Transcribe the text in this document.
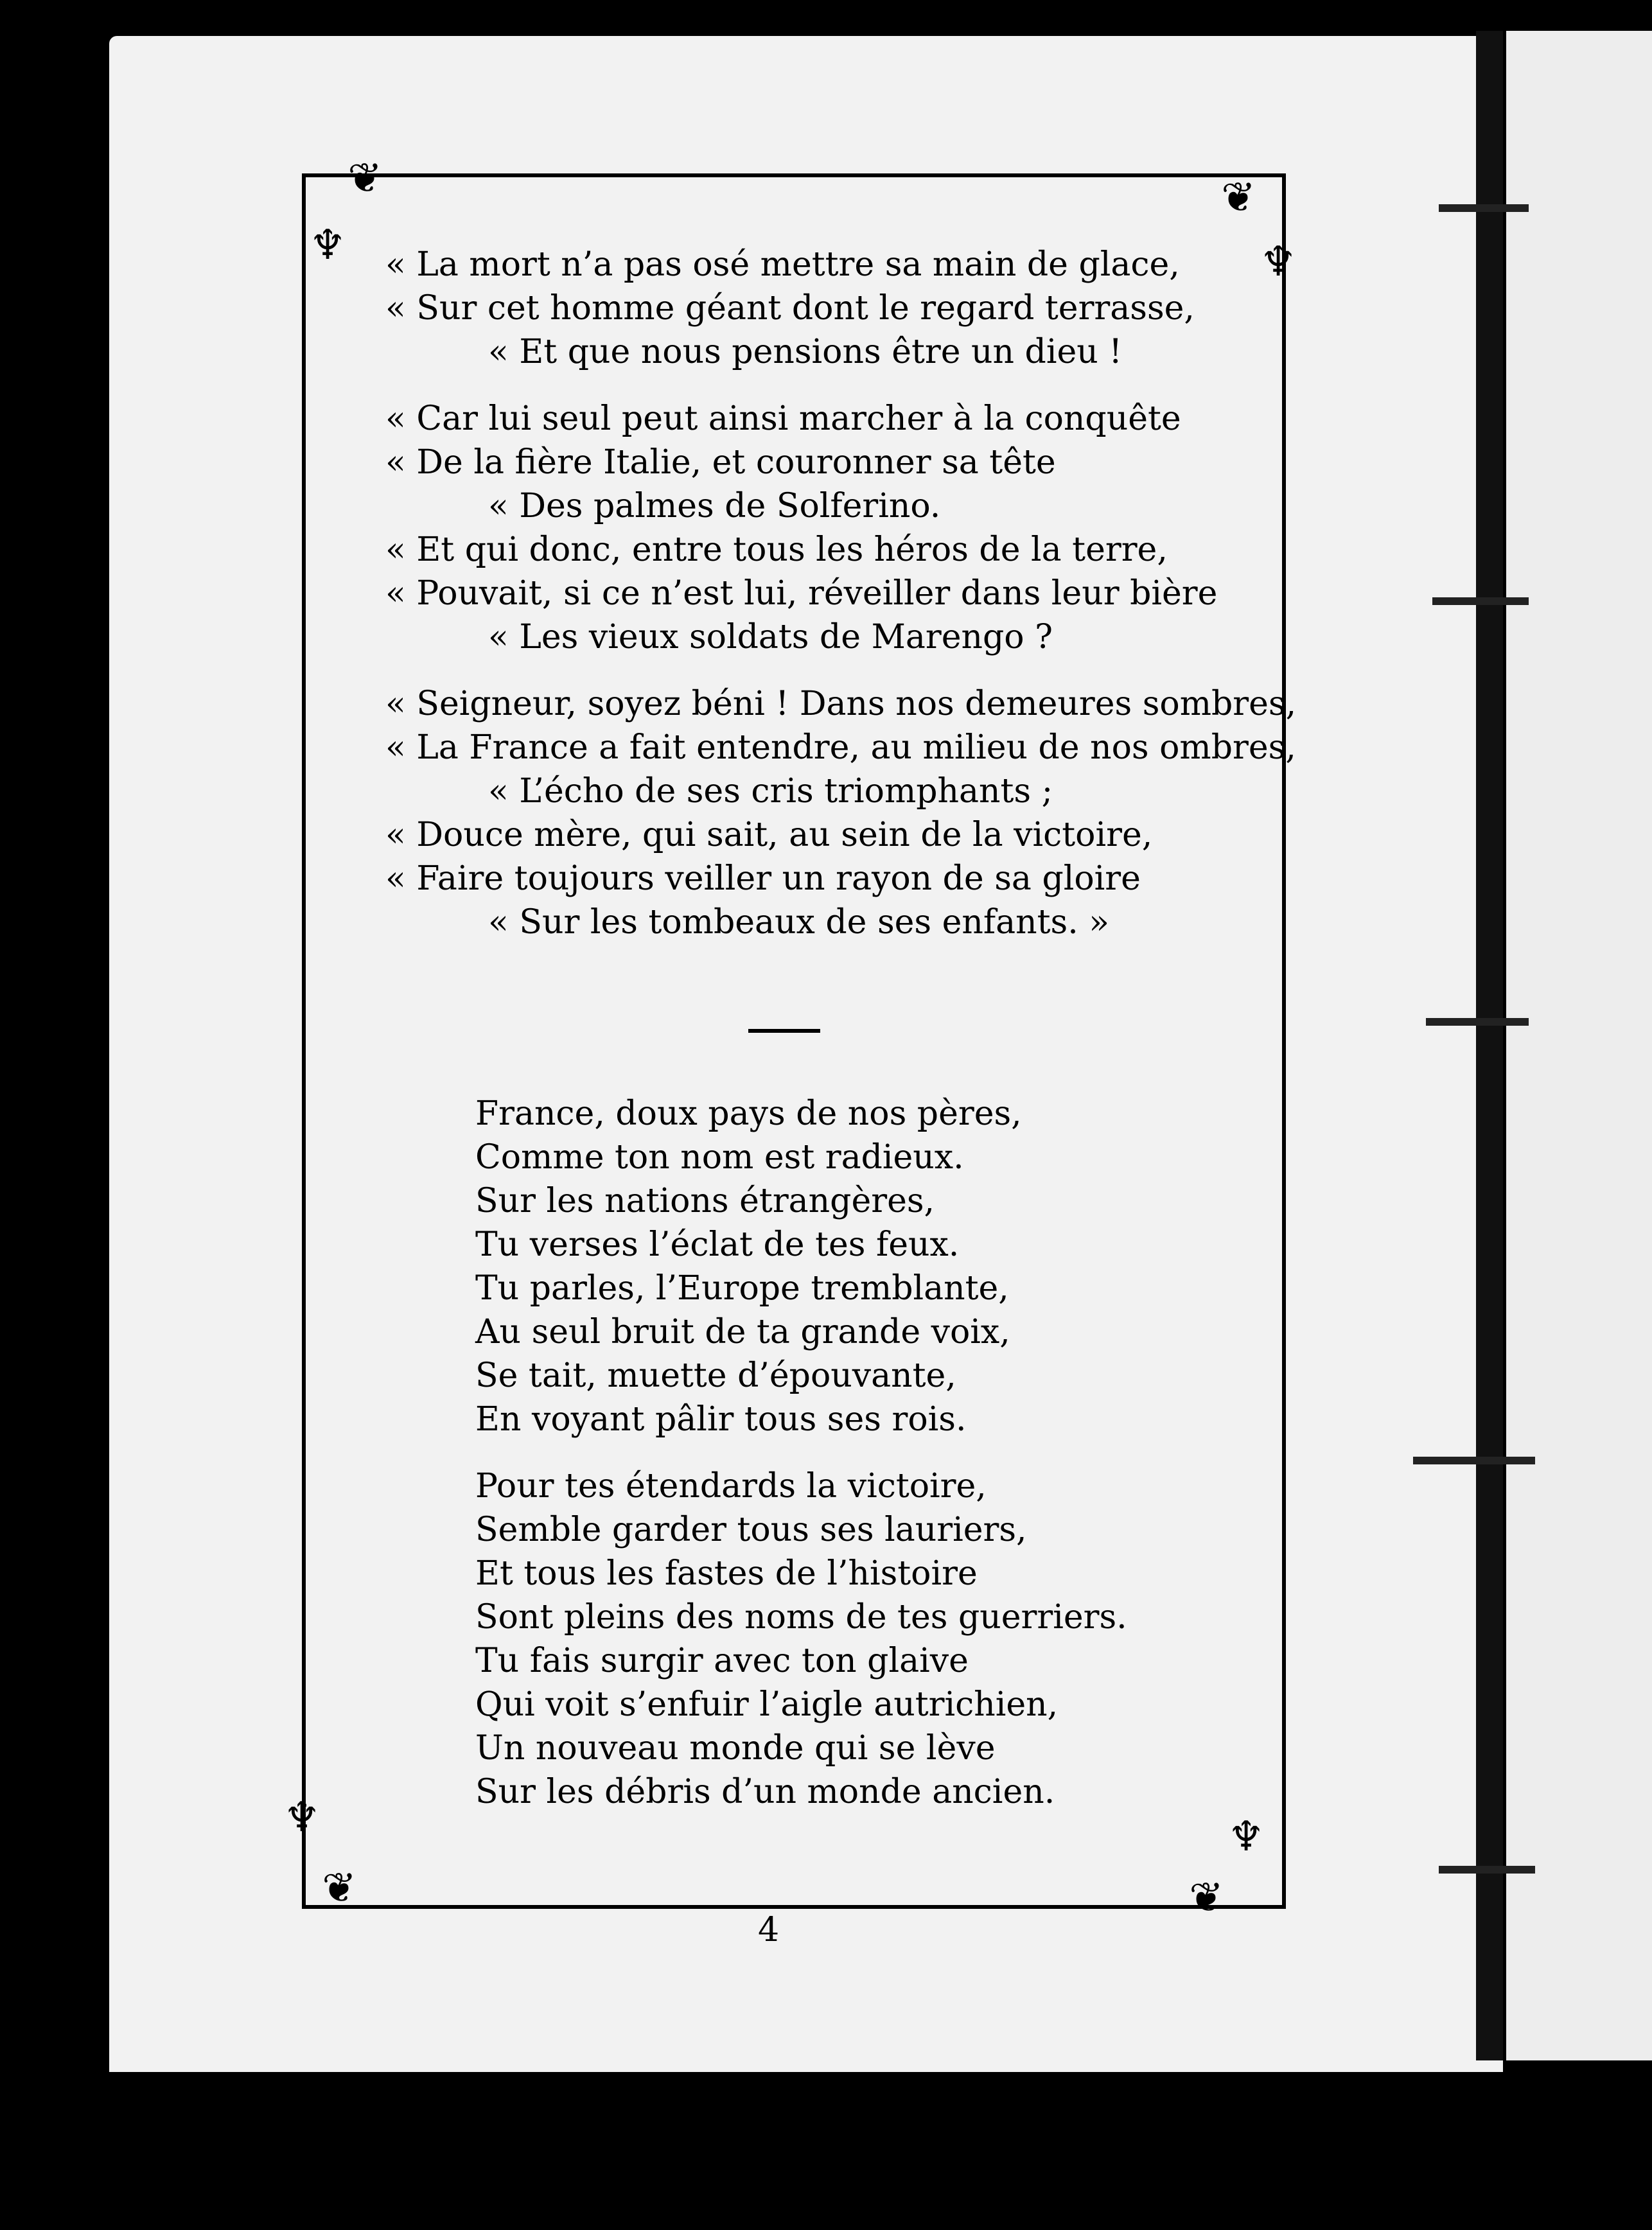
❦	❦
♆	♆
♆	♆
❦	❦
« La mort n’a pas osé mettre sa main de glace,
« Sur cet homme géant dont le regard terrasse,
« Et que nous pensions être un dieu !
« Car lui seul peut ainsi marcher à la conquête
« De la fière Italie, et couronner sa tête
« Des palmes de Solferino.
« Et qui donc, entre tous les héros de la terre,
« Pouvait, si ce n’est lui, réveiller dans leur bière
« Les vieux soldats de Marengo ?
« Seigneur, soyez béni ! Dans nos demeures sombres,
« La France a fait entendre, au milieu de nos ombres,
« L’écho de ses cris triomphants ;
« Douce mère, qui sait, au sein de la victoire,
« Faire toujours veiller un rayon de sa gloire
« Sur les tombeaux de ses enfants. »
France, doux pays de nos pères,
Comme ton nom est radieux.
Sur les nations étrangères,
Tu verses l’éclat de tes feux.
Tu parles, l’Europe tremblante,
Au seul bruit de ta grande voix,
Se tait, muette d’épouvante,
En voyant pâlir tous ses rois.
Pour tes étendards la victoire,
Semble garder tous ses lauriers,
Et tous les fastes de l’histoire
Sont pleins des noms de tes guerriers.
Tu fais surgir avec ton glaive
Qui voit s’enfuir l’aigle autrichien,
Un nouveau monde qui se lève
Sur les débris d’un monde ancien.
4
